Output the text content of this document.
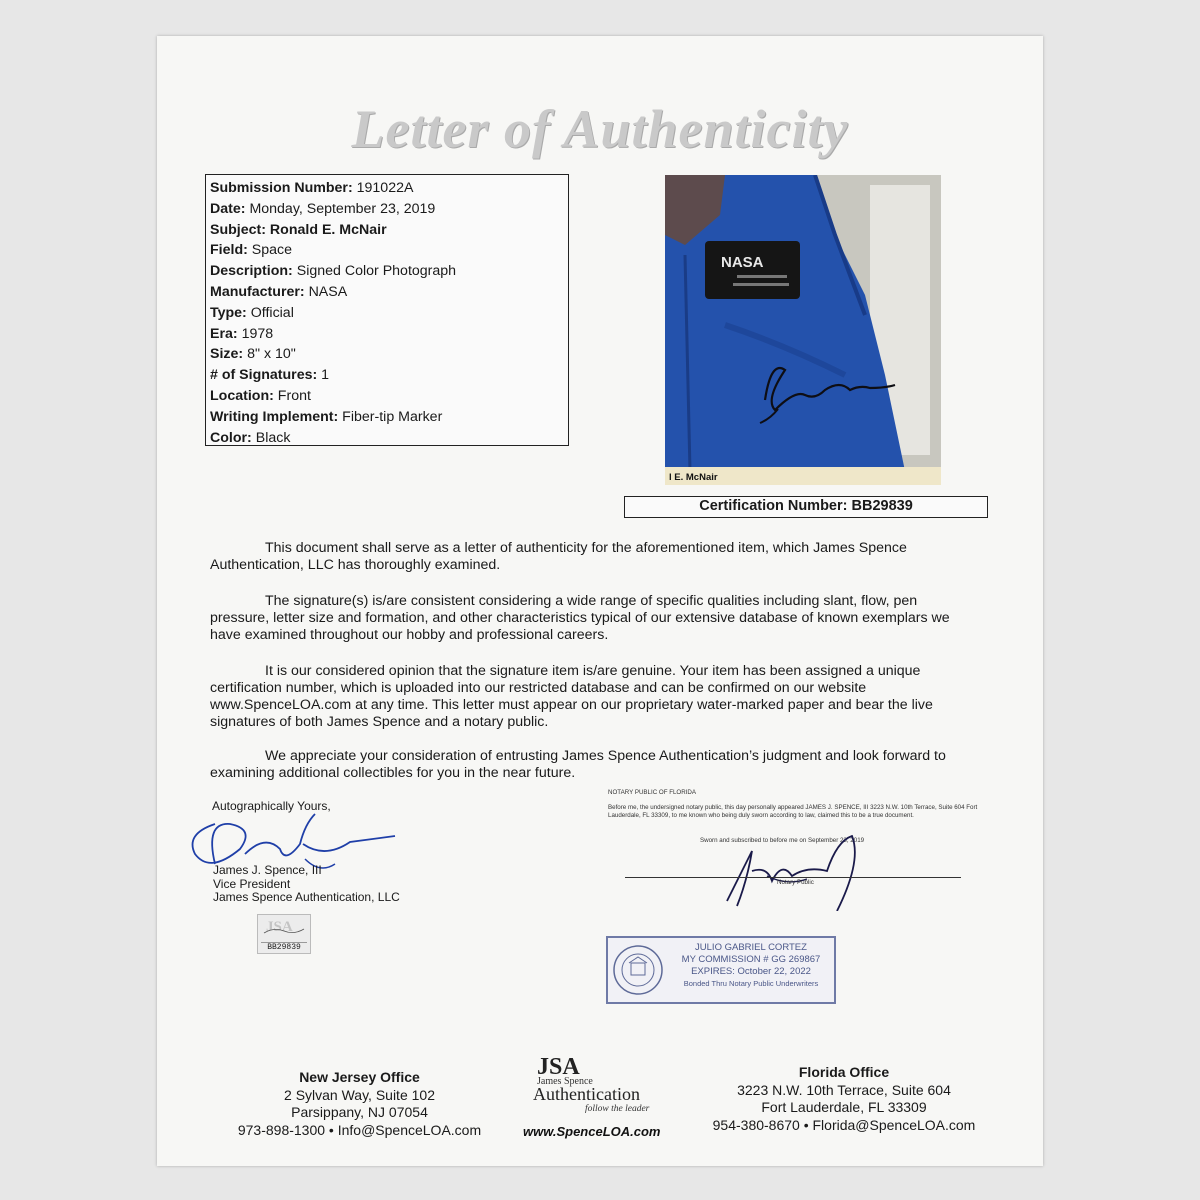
Letter of Authenticity
Submission Number: 191022A
Date: Monday, September 23, 2019
Subject: Ronald E. McNair
Field: Space
Description: Signed Color Photograph
Manufacturer: NASA
Type: Official
Era: 1978
Size: 8" x 10"
# of Signatures: 1
Location: Front
Writing Implement: Fiber-tip Marker
Color: Black
NASA
l E. McNair
Certification Number: BB29839

This document shall serve as a letter of authenticity for the aforementioned item, which James Spence Authentication, LLC has thoroughly examined.

The signature(s) is/are consistent considering a wide range of specific qualities including slant, flow, pen pressure, letter size and formation, and other characteristics typical of our extensive database of known exemplars we have examined throughout our hobby and professional careers.

It is our considered opinion that the signature item is/are genuine. Your item has been assigned a unique certification number, which is uploaded into our restricted database and can be confirmed on our website www.SpenceLOA.com at any time. This letter must appear on our proprietary water-marked paper and bear the live signatures of both James Spence and a notary public.

We appreciate your consideration of entrusting James Spence Authentication’s judgment and look forward to examining additional collectibles for you in the near future.

Autographically Yours,
James J. Spence, III
Vice President
James Spence Authentication, LLC
JSA
BB29839
NOTARY PUBLIC OF FLORIDA
Before me, the undersigned notary public, this day personally appeared JAMES J. SPENCE, III 3223 N.W. 10th Terrace, Suite 604 Fort Lauderdale, FL 33309, to me known who being duly sworn according to law, claimed this to be a true document.
Sworn and subscribed to before me on September 23, 2019
Notary Public
JULIO GABRIEL CORTEZ
MY COMMISSION # GG 269867
EXPIRES: October 22, 2022
Bonded Thru Notary Public Underwriters
New Jersey Office
2 Sylvan Way, Suite 102
Parsippany, NJ 07054
973-898-1300 • Info@SpenceLOA.com
JSA
James Spence
Authentication
follow the leader
www.SpenceLOA.com
Florida Office
3223 N.W. 10th Terrace, Suite 604
Fort Lauderdale, FL 33309
954-380-8670 • Florida@SpenceLOA.com
